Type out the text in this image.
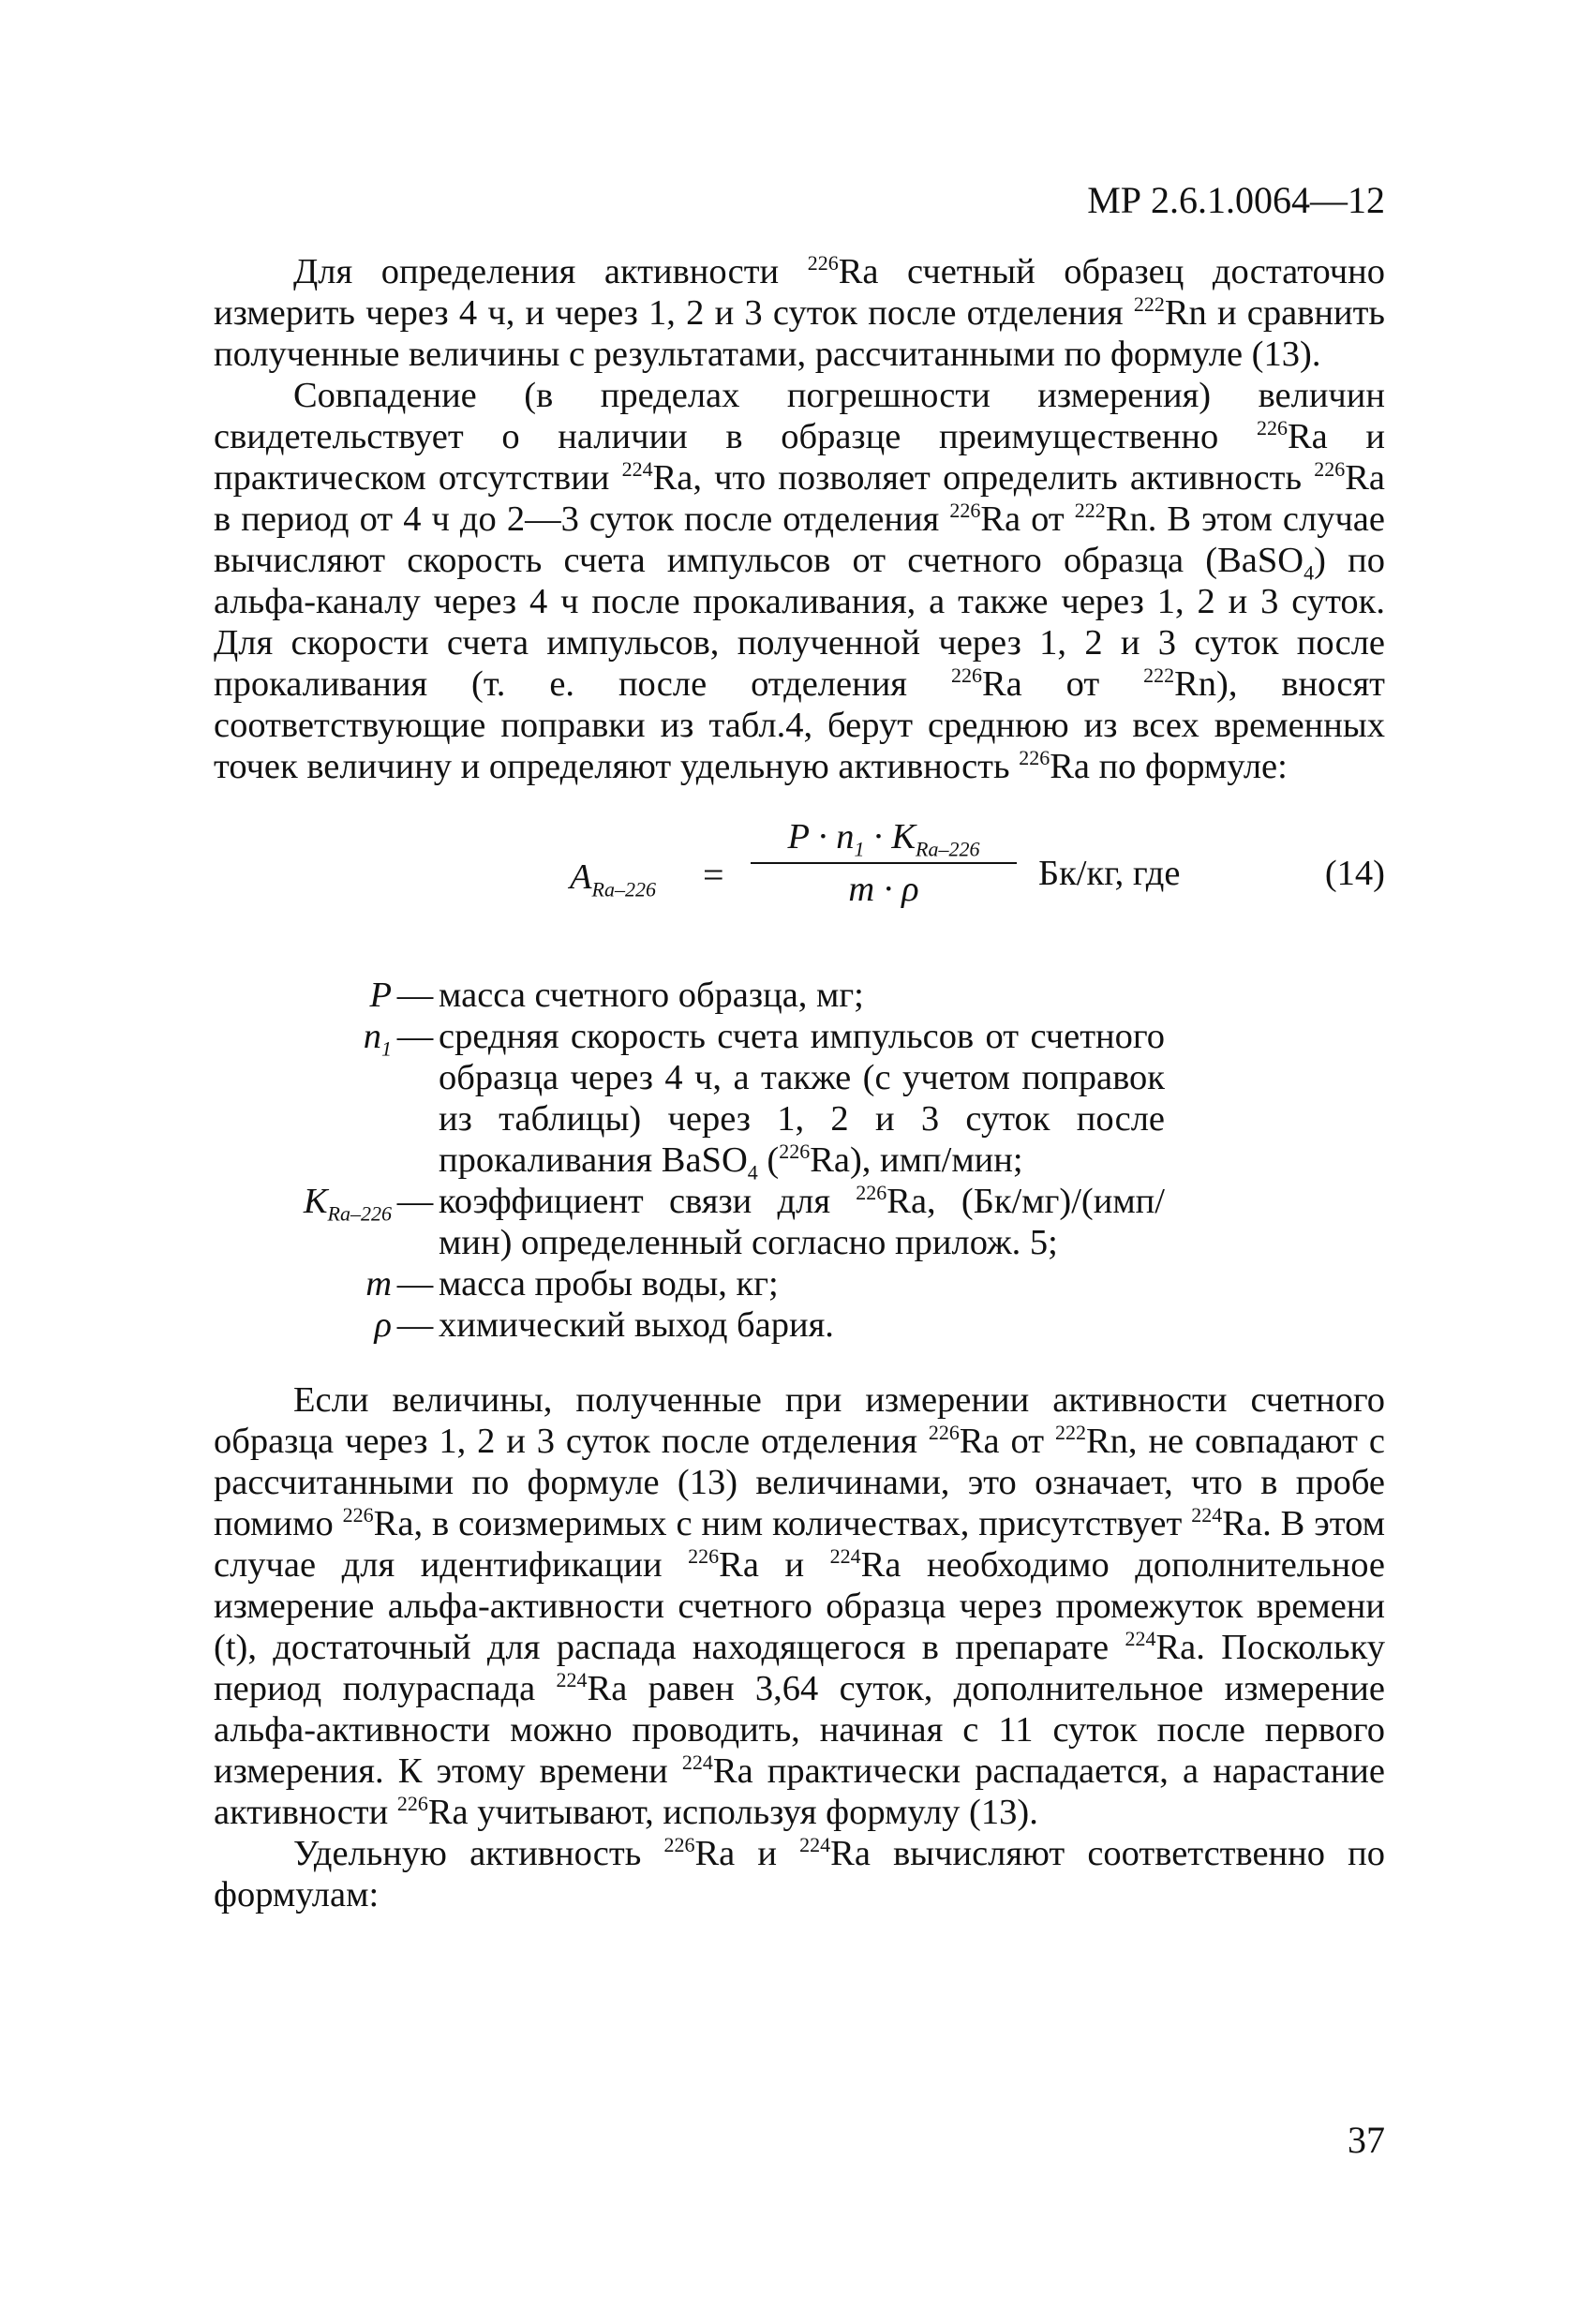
МР 2.6.1.0064—12

Для определения активности $^{226}$Ra счетный образец достаточно измерить через 4 ч, и через 1, 2 и 3 суток после отделения $^{222}$Rn и сравнить полученные величины с результатами, рассчитанными по формуле (13).

Совпадение (в пределах погрешности измерения) величин свидетельствует о наличии в образце преимущественно $^{226}$Ra и практическом отсутствии $^{224}$Ra, что позволяет определить активность $^{226}$Ra в период от 4 ч до 2—3 суток после отделения $^{226}$Ra от $^{222}$Rn. В этом случае вычисляют скорость счета импульсов от счетного образца (BaSO$_4$) по альфа-каналу через 4 ч после прокаливания, а также через 1, 2 и 3 суток. Для скорости счета импульсов, полученной через 1, 2 и 3 суток после прокаливания (т. е. после отделения $^{226}$Ra от $^{222}$Rn), вносят соответствующие поправки из табл.4, берут среднюю из всех временных точек величину и определяют удельную активность $^{226}$Ra по формуле:

$A_{Ra-226}$ =
$P \cdot n_1 \cdot K_{Ra-226}$
m · ρ	Бк/кг, где	(14)
P — масса счетного образца, мг;
$n_1$ — средняя скорость счета импульсов от счетного образца через 4 ч, а также (с учетом поправок из таблицы) через 1, 2 и 3 суток после прокаливания BaSO$_4$ ($^{226}$Ra), имп/мин;
$K_{Ra-226}$ — коэффициент связи для $^{226}$Ra, (Бк/мг)/(имп/мин) определенный согласно прилож. 5;
m — масса пробы воды, кг;
ρ — химический выход бария.

Если величины, полученные при измерении активности счетного образца через 1, 2 и 3 суток после отделения $^{226}$Ra от $^{222}$Rn, не совпадают с рассчитанными по формуле (13) величинами, это означает, что в пробе помимо $^{226}$Ra, в соизмеримых с ним количествах, присутствует $^{224}$Ra. В этом случае для идентификации $^{226}$Ra и $^{224}$Ra необходимо дополнительное измерение альфа-активности счетного образца через промежуток времени (t), достаточный для распада находящегося в препарате $^{224}$Ra. Поскольку период полураспада $^{224}$Ra равен 3,64 суток, дополнительное измерение альфа-активности можно проводить, начиная с 11 суток после первого измерения. К этому времени $^{224}$Ra практически распадается, а нарастание активности $^{226}$Ra учитывают, используя формулу (13).

Удельную активность $^{226}$Ra и $^{224}$Ra вычисляют соответственно по формулам:

37
